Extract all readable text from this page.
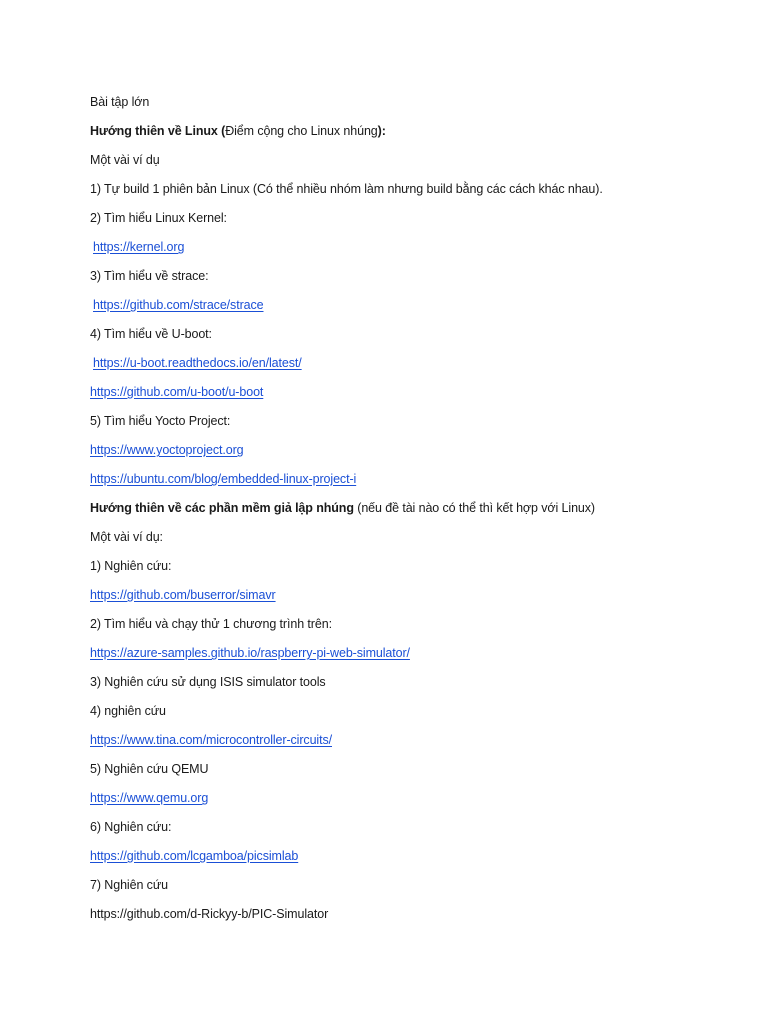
Bài tập lớn
Hướng thiên về Linux (Điểm cộng cho Linux nhúng):
Một vài ví dụ
1) Tự build 1 phiên bản Linux (Có thể nhiều nhóm làm nhưng build bằng các cách khác nhau).
2) Tìm hiểu Linux Kernel:
https://kernel.org
3) Tìm hiểu về strace:
https://github.com/strace/strace
4) Tìm hiểu về U-boot:
https://u-boot.readthedocs.io/en/latest/
https://github.com/u-boot/u-boot
5) Tìm hiểu Yocto Project:
https://www.yoctoproject.org
https://ubuntu.com/blog/embedded-linux-project-i
Hướng thiên về các phần mềm giả lập nhúng (nếu đề tài nào có thể thì kết hợp với Linux)
Một vài ví dụ:
1) Nghiên cứu:
https://github.com/buserror/simavr
2) Tìm hiểu và chạy thử 1 chương trình trên:
https://azure-samples.github.io/raspberry-pi-web-simulator/
3) Nghiên cứu sử dụng ISIS simulator tools
4) nghiên cứu
https://www.tina.com/microcontroller-circuits/
5) Nghiên cứu QEMU
https://www.qemu.org
6) Nghiên cứu:
https://github.com/lcgamboa/picsimlab
7) Nghiên cứu
https://github.com/d-Rickyy-b/PIC-Simulator
